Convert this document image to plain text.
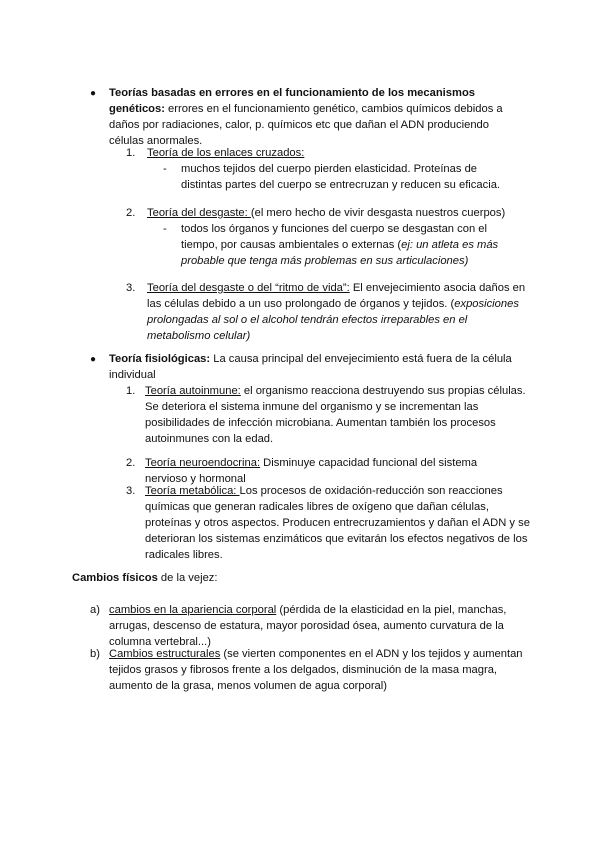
● Teorías basadas en errores en el funcionamiento de los mecanismos genéticos: errores en el funcionamiento genético, cambios químicos debidos a daños por radiaciones, calor, p. químicos etc que dañan el ADN produciendo células anormales.

1. Teoría de los enlaces cruzados:

- muchos tejidos del cuerpo pierden elasticidad. Proteínas de distintas partes del cuerpo se entrecruzan y reducen su eficacia.

2. Teoría del desgaste: (el mero hecho de vivir desgasta nuestros cuerpos)

- todos los órganos y funciones del cuerpo se desgastan con el tiempo, por causas ambientales o externas (ej: un atleta es más probable que tenga más problemas en sus articulaciones)

3. Teoría del desgaste o del “ritmo de vida”: El envejecimiento asocia daños en las células debido a un uso prolongado de órganos y tejidos. (exposiciones prolongadas al sol o el alcohol tendrán efectos irreparables en el metabolismo celular)

● Teoría fisiológicas: La causa principal del envejecimiento está fuera de la célula individual

1. Teoría autoinmune: el organismo reacciona destruyendo sus propias células. Se deteriora el sistema inmune del organismo y se incrementan las posibilidades de infección microbiana. Aumentan también los procesos autoinmunes con la edad.

2. Teoría neuroendocrina: Disminuye capacidad funcional del sistema nervioso y hormonal

3. Teoría metabólica: Los procesos de oxidación-reducción son reacciones químicas que generan radicales libres de oxígeno que dañan células, proteínas y otros aspectos. Producen entrecruzamientos y dañan el ADN y se deterioran los sistemas enzimáticos que evitarán los efectos negativos de los radicales libres.

Cambios físicos de la vejez:

a) cambios en la apariencia corporal (pérdida de la elasticidad en la piel, manchas, arrugas, descenso de estatura, mayor porosidad ósea, aumento curvatura de la columna vertebral...)

b) Cambios estructurales (se vierten componentes en el ADN y los tejidos y aumentan tejidos grasos y fibrosos frente a los delgados, disminución de la masa magra, aumento de la grasa, menos volumen de agua corporal)
